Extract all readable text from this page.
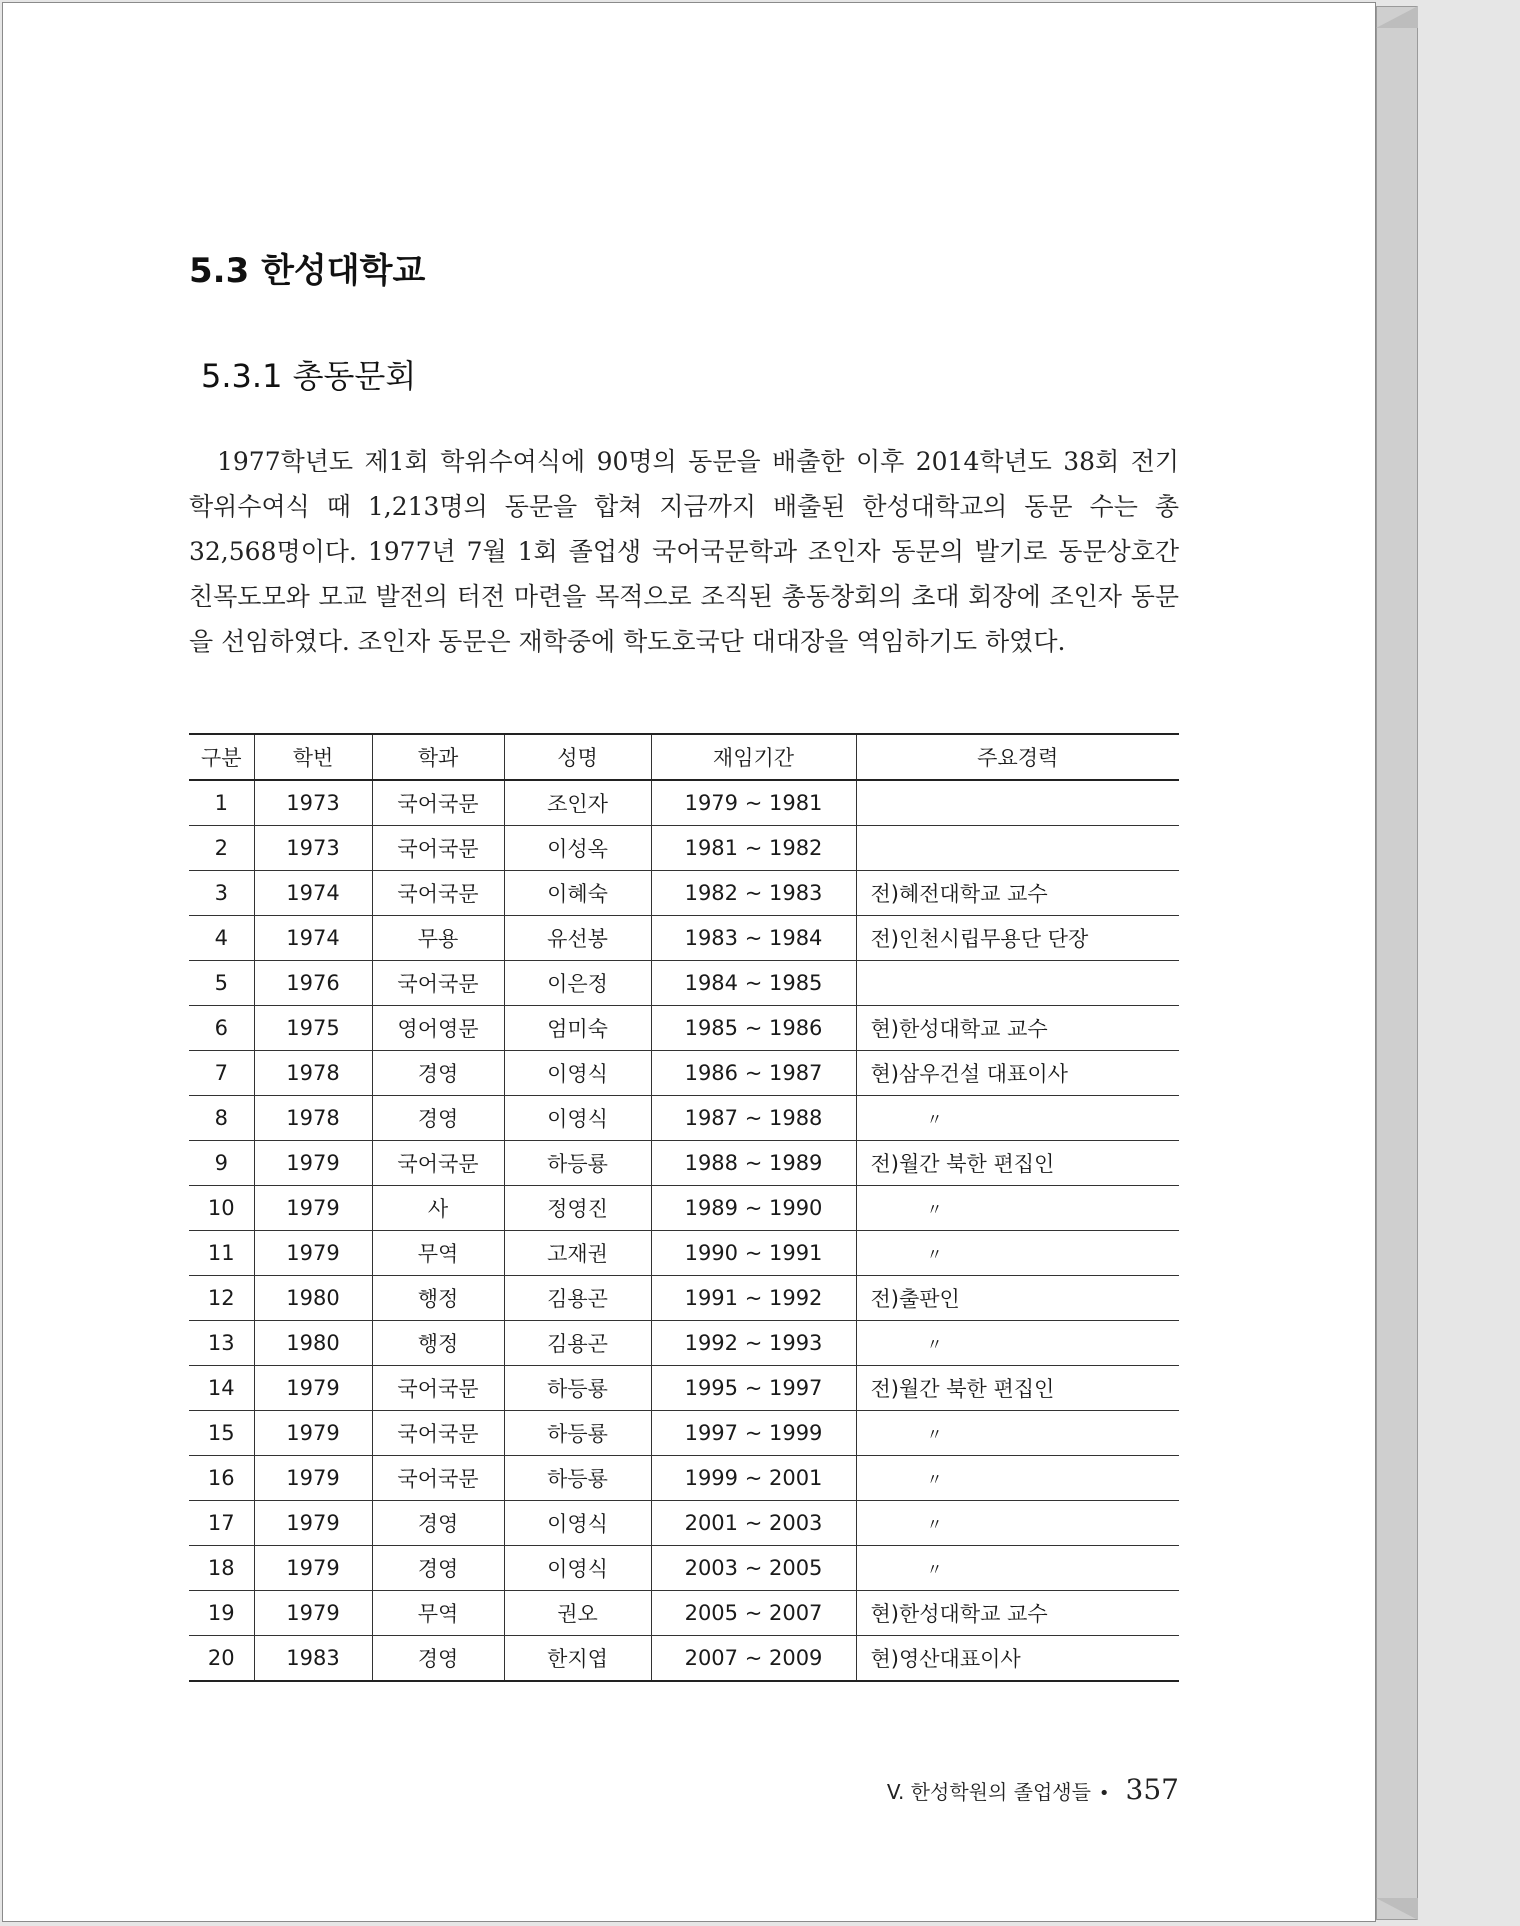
5.3 한성대학교
5.3.1 총동문회

1977학년도 제1회 학위수여식에 90명의 동문을 배출한 이후 2014학년도 38회 전기 학위수여식 때 1,213명의 동문을 합쳐 지금까지 배출된 한성대학교의 동문 수는 총 32,568명이다. 1977년 7월 1회 졸업생 국어국문학과 조인자 동문의 발기로 동문상호간 친목도모와 모교 발전의 터전 마련을 목적으로 조직된 총동창회의 초대 회장에 조인자 동문을 선임하였다. 조인자 동문은 재학중에 학도호국단 대대장을 역임하기도 하였다.

구분	학번	학과	성명	재임기간	주요경력
1	1973	국어국문	조인자	1979 ~ 1981	
2	1973	국어국문	이성옥	1981 ~ 1982	
3	1974	국어국문	이혜숙	1982 ~ 1983	전)혜전대학교 교수
4	1974	무용	유선봉	1983 ~ 1984	전)인천시립무용단 단장
5	1976	국어국문	이은정	1984 ~ 1985	
6	1975	영어영문	엄미숙	1985 ~ 1986	현)한성대학교 교수
7	1978	경영	이영식	1986 ~ 1987	현)삼우건설 대표이사
8	1978	경영	이영식	1987 ~ 1988	〃
9	1979	국어국문	하등룡	1988 ~ 1989	전)월간 북한 편집인
10	1979	사	정영진	1989 ~ 1990	〃
11	1979	무역	고재권	1990 ~ 1991	〃
12	1980	행정	김용곤	1991 ~ 1992	전)출판인
13	1980	행정	김용곤	1992 ~ 1993	〃
14	1979	국어국문	하등룡	1995 ~ 1997	전)월간 북한 편집인
15	1979	국어국문	하등룡	1997 ~ 1999	〃
16	1979	국어국문	하등룡	1999 ~ 2001	〃
17	1979	경영	이영식	2001 ~ 2003	〃
18	1979	경영	이영식	2003 ~ 2005	〃
19	1979	무역	권오	2005 ~ 2007	현)한성대학교 교수
20	1983	경영	한지엽	2007 ~ 2009	현)영산대표이사
V. 한성학원의 졸업생들 • 357
